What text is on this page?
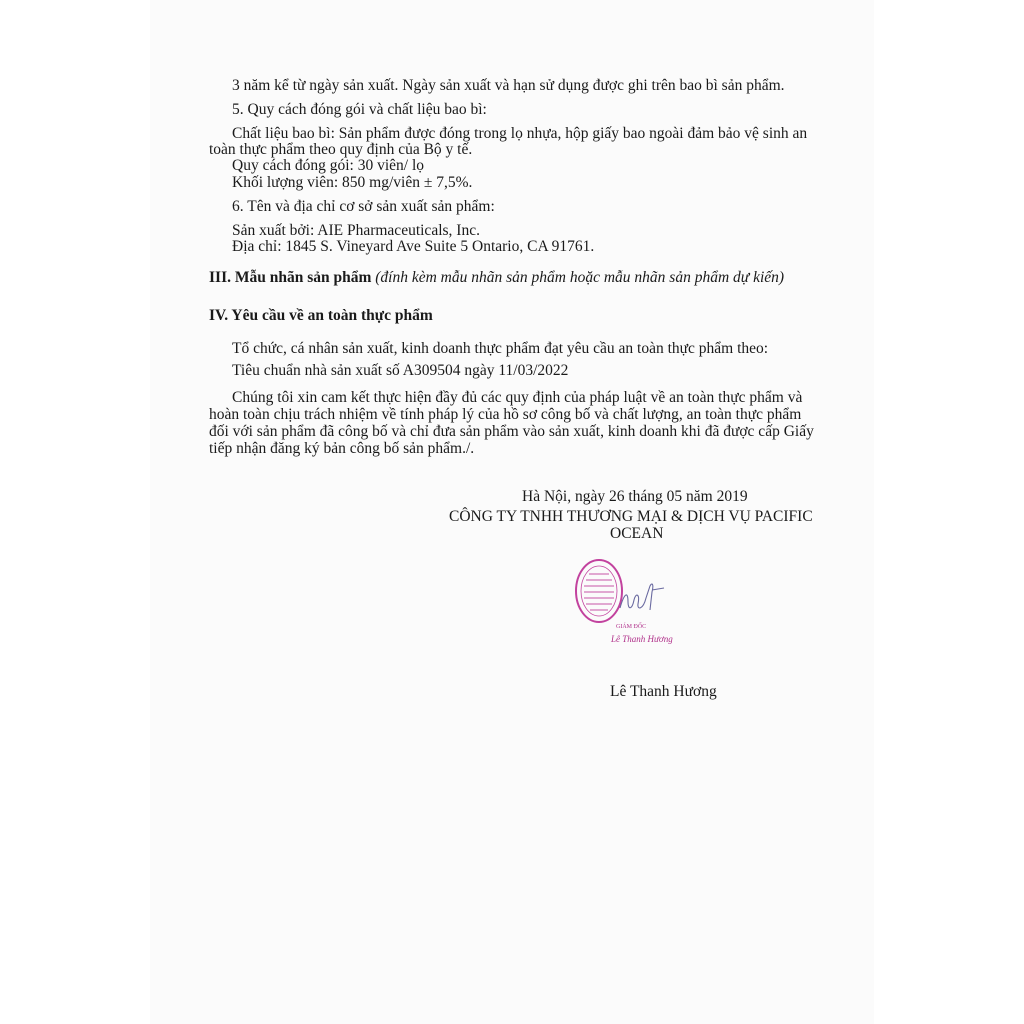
3 năm kể từ ngày sản xuất. Ngày sản xuất và hạn sử dụng được ghi trên bao bì sản phẩm.
5. Quy cách đóng gói và chất liệu bao bì:
Chất liệu bao bì: Sản phẩm được đóng trong lọ nhựa, hộp giấy bao ngoài đảm bảo vệ sinh an
toàn thực phẩm theo quy định của Bộ y tế.
Quy cách đóng gói: 30 viên/ lọ
Khối lượng viên: 850 mg/viên ± 7,5%.
6. Tên và địa chỉ cơ sở sản xuất sản phẩm:
Sản xuất bởi: AIE Pharmaceuticals, Inc.
Địa chỉ: 1845 S. Vineyard Ave Suite 5 Ontario, CA 91761.
III. Mẫu nhãn sản phẩm (đính kèm mẫu nhãn sản phẩm hoặc mẫu nhãn sản phẩm dự kiến)
IV. Yêu cầu về an toàn thực phẩm
Tổ chức, cá nhân sản xuất, kinh doanh thực phẩm đạt yêu cầu an toàn thực phẩm theo:
Tiêu chuẩn nhà sản xuất số A309504 ngày 11/03/2022
Chúng tôi xin cam kết thực hiện đầy đủ các quy định của pháp luật về an toàn thực phẩm và
hoàn toàn chịu trách nhiệm về tính pháp lý của hồ sơ công bố và chất lượng, an toàn thực phẩm
đối với sản phẩm đã công bố và chỉ đưa sản phẩm vào sản xuất, kinh doanh khi đã được cấp Giấy
tiếp nhận đăng ký bản công bố sản phẩm./.
Hà Nội, ngày 26 tháng 05 năm 2019
CÔNG TY TNHH THƯƠNG MẠI & DỊCH VỤ PACIFIC
OCEAN
GIÁM ĐỐC
Lê Thanh Hương
Lê Thanh Hương
